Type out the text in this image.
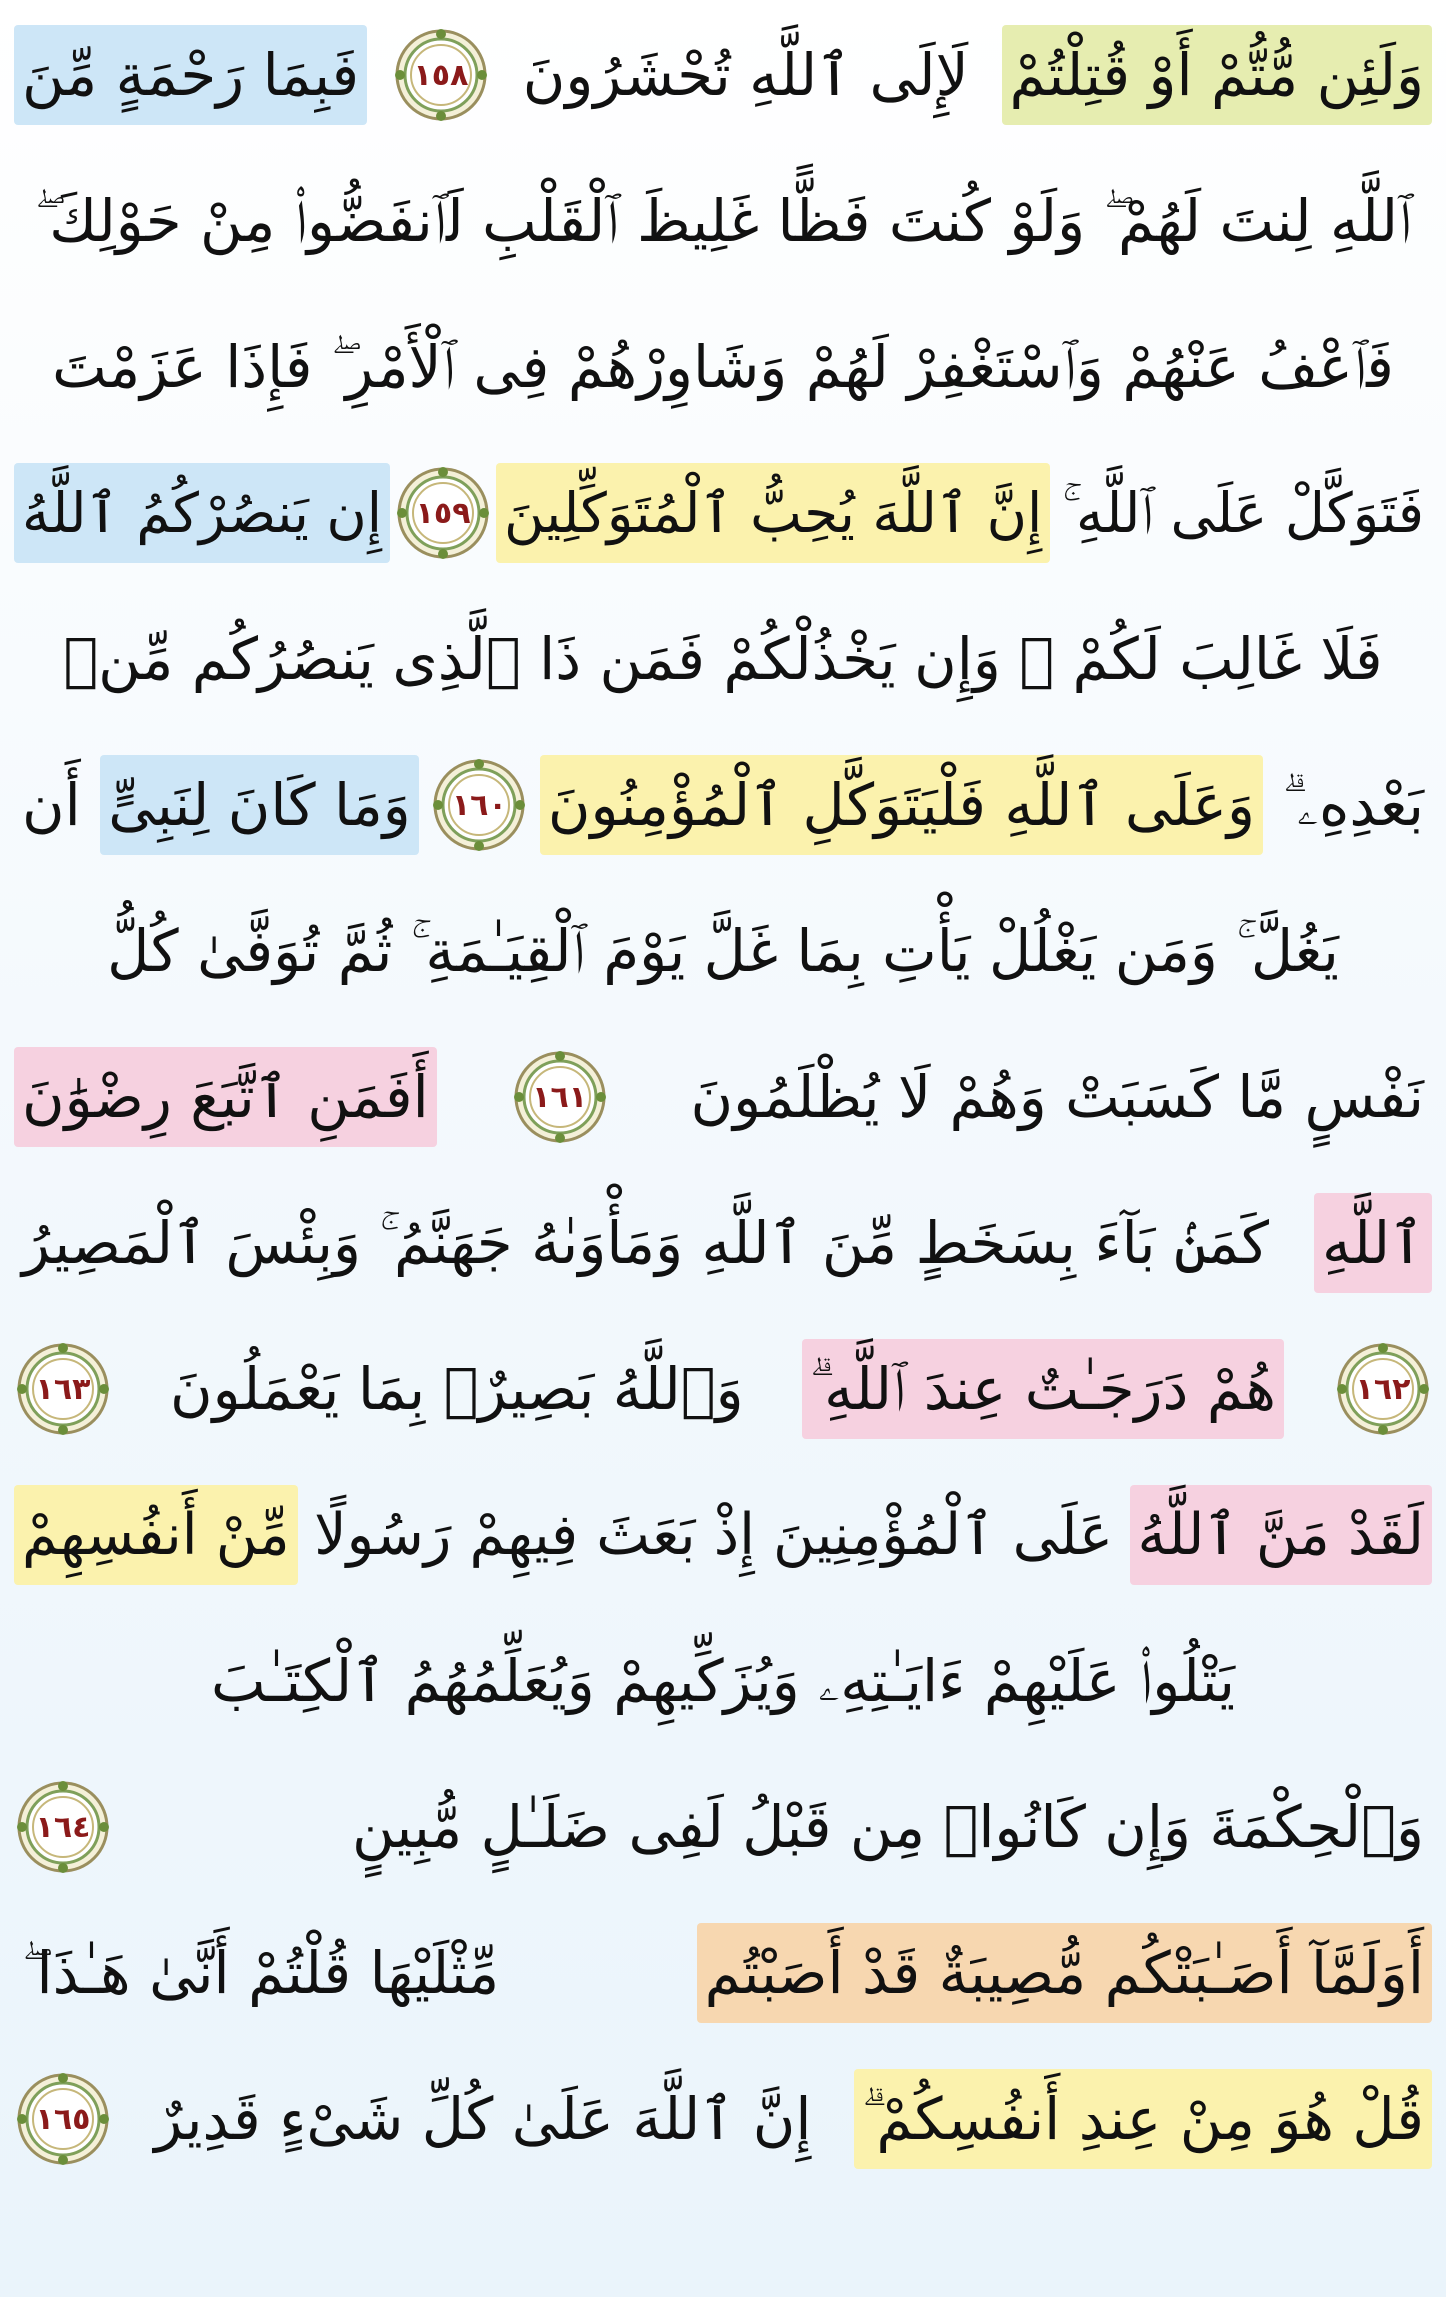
وَلَئِن مُّتُّمْ أَوْ قُتِلْتُمْ
لَإِلَى ٱللَّهِ تُحْشَرُونَ
١٥٨
فَبِمَا رَحْمَةٍ مِّنَ
ٱللَّهِ لِنتَ لَهُمْ ۖ وَلَوْ كُنتَ فَظًّا غَلِيظَ ٱلْقَلْبِ لَٱنفَضُّوا۟ مِنْ حَوْلِكَ ۖ
فَٱعْفُ عَنْهُمْ وَٱسْتَغْفِرْ لَهُمْ وَشَاوِرْهُمْ فِى ٱلْأَمْرِ ۖ فَإِذَا عَزَمْتَ
فَتَوَكَّلْ عَلَى ٱللَّهِ ۚ
إِنَّ ٱللَّهَ يُحِبُّ ٱلْمُتَوَكِّلِينَ
١٥٩
إِن يَنصُرْكُمُ ٱللَّهُ
فَلَا غَالِبَ لَكُمْ ۖ وَإِن يَخْذُلْكُمْ فَمَن ذَا ٱلَّذِى يَنصُرُكُم مِّنۢ
بَعْدِهِۦ ۗ
وَعَلَى ٱللَّهِ فَلْيَتَوَكَّلِ ٱلْمُؤْمِنُونَ
١٦٠
وَمَا كَانَ لِنَبِىٍّ
أَن
يَغُلَّ ۚ وَمَن يَغْلُلْ يَأْتِ بِمَا غَلَّ يَوْمَ ٱلْقِيَـٰمَةِ ۚ ثُمَّ تُوَفَّىٰ كُلُّ
نَفْسٍ مَّا كَسَبَتْ وَهُمْ لَا يُظْلَمُونَ
١٦١
أَفَمَنِ ٱتَّبَعَ رِضْوَٰنَ
ٱللَّهِ
كَمَنۢ بَآءَ بِسَخَطٍ مِّنَ ٱللَّهِ وَمَأْوَىٰهُ جَهَنَّمُ ۚ وَبِئْسَ ٱلْمَصِيرُ
١٦٢
هُمْ دَرَجَـٰتٌ عِندَ ٱللَّهِ ۗ
وَٱللَّهُ بَصِيرٌۢ بِمَا يَعْمَلُونَ
١٦٣
لَقَدْ مَنَّ ٱللَّهُ
عَلَى ٱلْمُؤْمِنِينَ إِذْ بَعَثَ فِيهِمْ رَسُولًا
مِّنْ أَنفُسِهِمْ
يَتْلُوا۟ عَلَيْهِمْ ءَايَـٰتِهِۦ وَيُزَكِّيهِمْ وَيُعَلِّمُهُمُ ٱلْكِتَـٰبَ
وَٱلْحِكْمَةَ وَإِن كَانُوا۟ مِن قَبْلُ لَفِى ضَلَـٰلٍ مُّبِينٍ
١٦٤
أَوَلَمَّآ أَصَـٰبَتْكُم مُّصِيبَةٌ قَدْ أَصَبْتُم
مِّثْلَيْهَا قُلْتُمْ أَنَّىٰ هَـٰذَا ۖ
قُلْ هُوَ مِنْ عِندِ أَنفُسِكُمْ ۗ
إِنَّ ٱللَّهَ عَلَىٰ كُلِّ شَىْءٍ قَدِيرٌ
١٦٥
